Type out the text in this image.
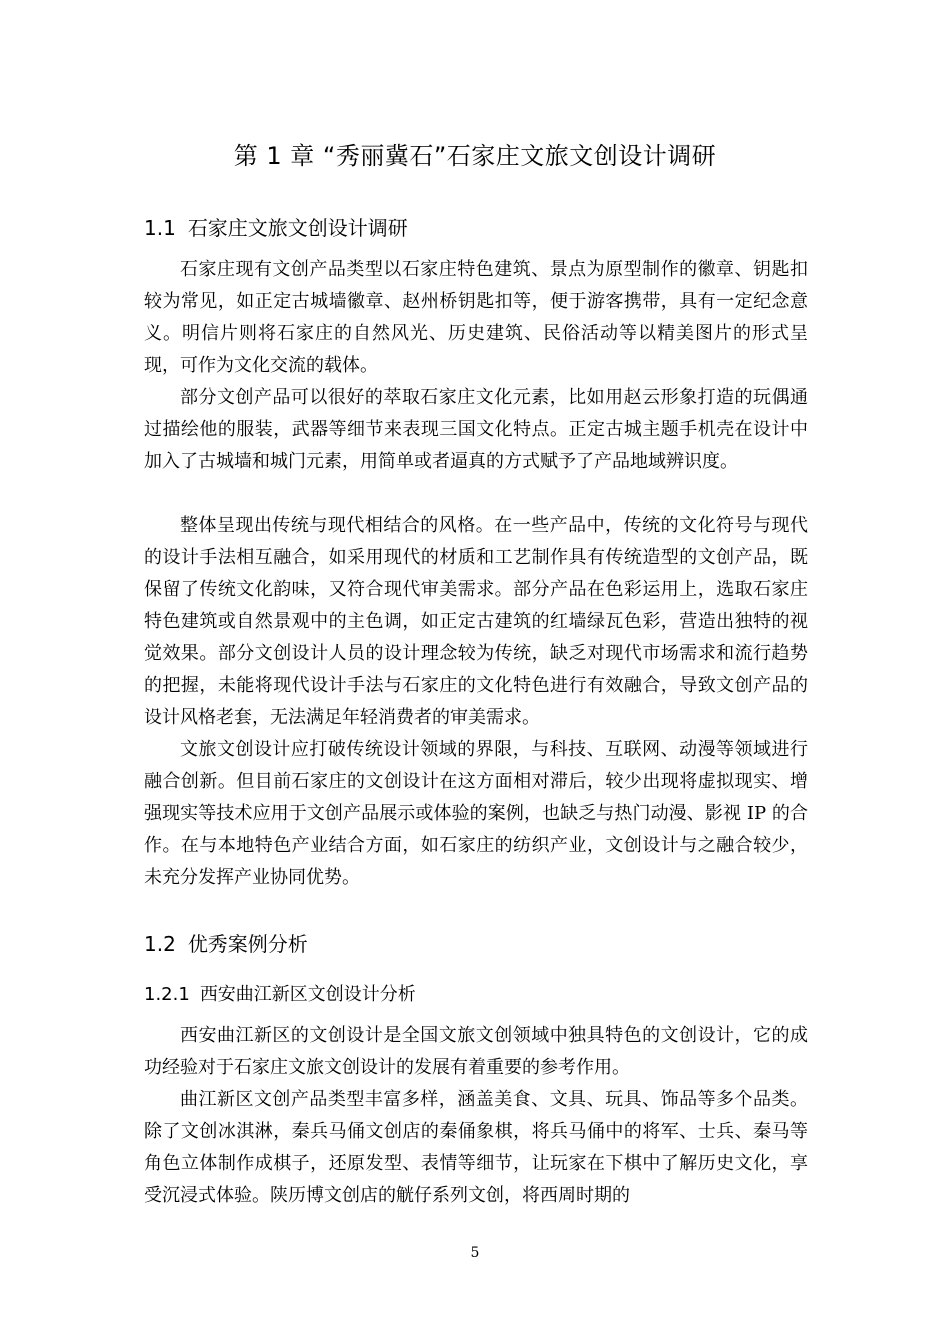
第 1 章 “秀丽冀石”石家庄文旅文创设计调研
1.1 石家庄文旅文创设计调研

石家庄现有文创产品类型以石家庄特色建筑、景点为原型制作的徽章、钥匙扣较为常见，如正定古城墙徽章、赵州桥钥匙扣等，便于游客携带，具有一定纪念意义。明信片则将石家庄的自然风光、历史建筑、民俗活动等以精美图片的形式呈现，可作为文化交流的载体。

部分文创产品可以很好的萃取石家庄文化元素，比如用赵云形象打造的玩偶通过描绘他的服装，武器等细节来表现三国文化特点。正定古城主题手机壳在设计中加入了古城墙和城门元素，用简单或者逼真的方式赋予了产品地域辨识度。

整体呈现出传统与现代相结合的风格。在一些产品中，传统的文化符号与现代的设计手法相互融合，如采用现代的材质和工艺制作具有传统造型的文创产品，既保留了传统文化韵味，又符合现代审美需求。部分产品在色彩运用上，选取石家庄特色建筑或自然景观中的主色调，如正定古建筑的红墙绿瓦色彩，营造出独特的视觉效果。部分文创设计人员的设计理念较为传统，缺乏对现代市场需求和流行趋势的把握，未能将现代设计手法与石家庄的文化特色进行有效融合，导致文创产品的设计风格老套，无法满足年轻消费者的审美需求。

文旅文创设计应打破传统设计领域的界限，与科技、互联网、动漫等领域进行融合创新。但目前石家庄的文创设计在这方面相对滞后，较少出现将虚拟现实、增强现实等技术应用于文创产品展示或体验的案例，也缺乏与热门动漫、影视 IP 的合作。在与本地特色产业结合方面，如石家庄的纺织产业，文创设计与之融合较少，未充分发挥产业协同优势。

1.2 优秀案例分析
1.2.1 西安曲江新区文创设计分析

西安曲江新区的文创设计是全国文旅文创领域中独具特色的文创设计，它的成功经验对于石家庄文旅文创设计的发展有着重要的参考作用。

曲江新区文创产品类型丰富多样，涵盖美食、文具、玩具、饰品等多个品类。除了文创冰淇淋，秦兵马俑文创店的秦俑象棋，将兵马俑中的将军、士兵、秦马等角色立体制作成棋子，还原发型、表情等细节，让玩家在下棋中了解历史文化，享受沉浸式体验。陕历博文创店的觥仔系列文创，将西周时期的

5
